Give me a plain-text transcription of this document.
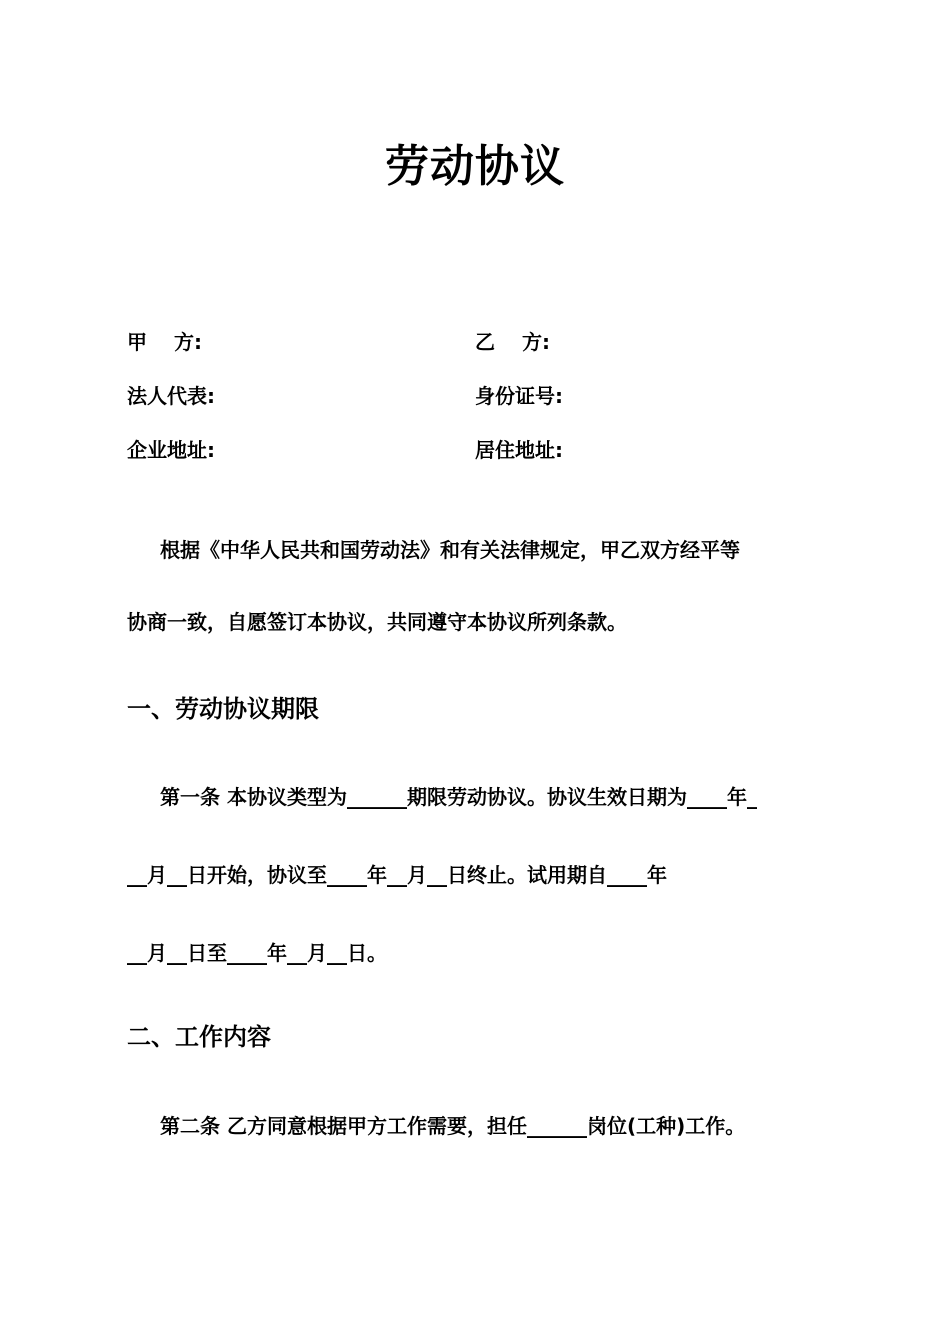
劳动协议
甲　 方:	乙　 方:
法人代表:	身份证号:
企业地址:	居住地址:
根据《中华人民共和国劳动法》和有关法律规定，甲乙双方经平等
协商一致，自愿签订本协议，共同遵守本协议所列条款。
一、劳动协议期限
第一条 本协议类型为______期限劳动协议。协议生效日期为____年_
__月__日开始，协议至____年__月__日终止。试用期自____年
__月__日至____年__月__日。
二、工作内容
第二条 乙方同意根据甲方工作需要，担任______岗位(工种)工作。
